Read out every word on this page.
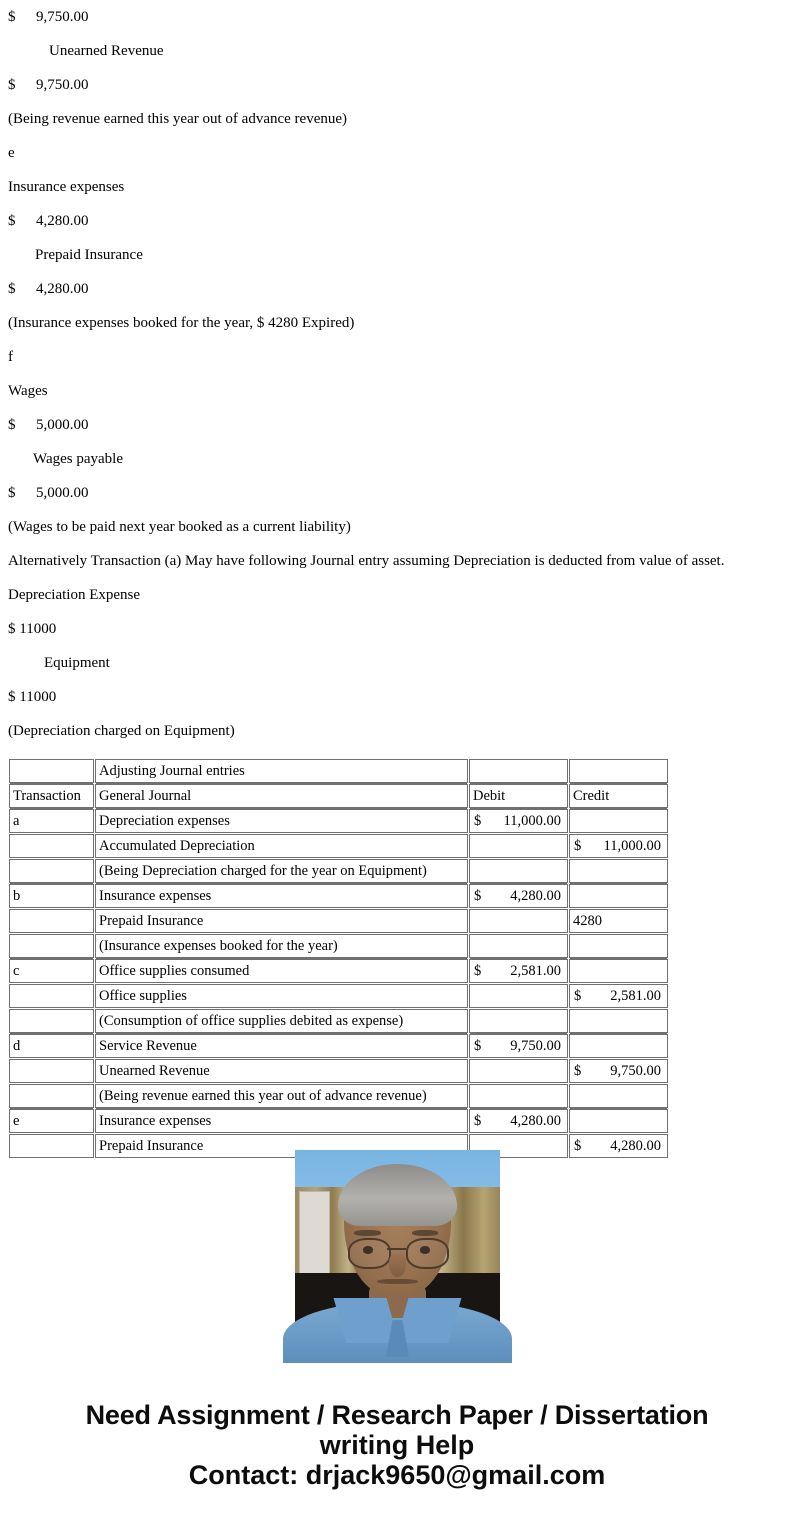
$ 9,750.00
Unearned Revenue
$ 9,750.00
(Being revenue earned this year out of advance revenue)
e
Insurance expenses
$ 4,280.00
Prepaid Insurance
$ 4,280.00
(Insurance expenses booked for the year, $ 4280 Expired)
f
Wages
$ 5,000.00
Wages payable
$ 5,000.00
(Wages to be paid next year booked as a current liability)
Alternatively Transaction (a) May have following Journal entry assuming Depreciation is deducted from value of asset.
Depreciation Expense
$ 11000
Equipment
$ 11000
(Depreciation charged on Equipment)
	Adjusting Journal entries		
Transaction	General Journal	Debit	Credit
a	Depreciation expenses	$ 11,000.00	

	Accumulated Depreciation		$ 11,000.00

	(Being Depreciation charged for the year on Equipment)	

b	Insurance expenses	$ 4,280.00	

	Prepaid Insurance		4280
	(Insurance expenses booked for the year)	

c	Office supplies consumed	$ 2,581.00	

	Office supplies		$ 2,581.00

	(Consumption of office supplies debited as expense)	

d	Service Revenue	$ 9,750.00	

	Unearned Revenue		$ 9,750.00

	(Being revenue earned this year out of advance revenue)	

e	Insurance expenses	$ 4,280.00	

	Prepaid Insurance		$ 4,280.00
Need Assignment / Research Paper / Dissertation
writing Help
Contact: drjack9650@gmail.com
